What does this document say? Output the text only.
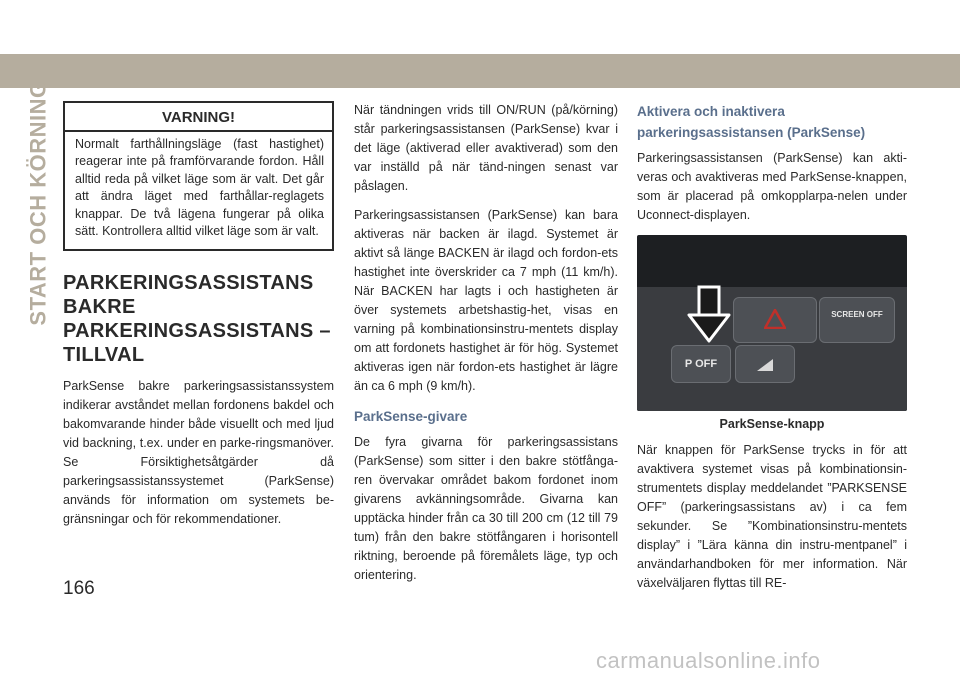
START OCH KÖRNING	VARNING!

Normalt farthållningsläge (fast hastighet) reagerar inte på framförvarande fordon. Håll alltid reda på vilket läge som är valt. Det går att ändra läget med farthållar-reglagets knappar. De två lägena fungerar på olika sätt. Kontrollera alltid vilket läge som är valt.

PARKERINGSASSISTANS BAKRE PARKERINGSASSISTANS – TILLVAL

ParkSense bakre parkeringsassistanssystem indikerar avståndet mellan fordonens bakdel och bakomvarande hinder både visuellt och med ljud vid backning, t.ex. under en parke-ringsmanöver. Se Försiktighetsåtgärder då parkeringsassistanssystemet (ParkSense) används för information om systemets be-gränsningar och för rekommendationer.

När tändningen vrids till ON/RUN (på/körning) står parkeringsassistansen (ParkSense) kvar i det läge (aktiverad eller avaktiverad) som den var inställd på när tänd-ningen senast var påslagen.

Parkeringsassistansen (ParkSense) kan bara aktiveras när backen är ilagd. Systemet är aktivt så länge BACKEN är ilagd och fordon-ets hastighet inte överskrider ca 7 mph (11 km/h). När BACKEN har lagts i och hastigheten är över systemets arbetshastig-het, visas en varning på kombinationsinstru-mentets display om att fordonets hastighet är för hög. Systemet aktiveras igen när fordon-ets hastighet är lägre än ca 6 mph (9 km/h).

ParkSense-givare

De fyra givarna för parkeringsassistans (ParkSense) som sitter i den bakre stötfånga-ren övervakar området bakom fordonet inom givarens avkänningsområde. Givarna kan upptäcka hinder från ca 30 till 200 cm (12 till 79 tum) från den bakre stötfångaren i horisontell riktning, beroende på föremålets läge, typ och orientering.

Aktivera och inaktivera parkeringsassistansen (ParkSense)

Parkeringsassistansen (ParkSense) kan akti-veras och avaktiveras med ParkSense-knappen, som är placerad på omkopplarpa-nelen under Uconnect-displayen.

SCREEN OFF
P OFF
ParkSense-knapp

När knappen för ParkSense trycks in för att avaktivera systemet visas på kombinationsin-strumentets display meddelandet ”PARKSENSE OFF” (parkeringsassistans av) i ca fem sekunder. Se ”Kombinationsinstru-mentets display” i ”Lära känna din instru-mentpanel” i användarhandboken för mer information. När växelväljaren flyttas till RE-

166
carmanualsonline.info
